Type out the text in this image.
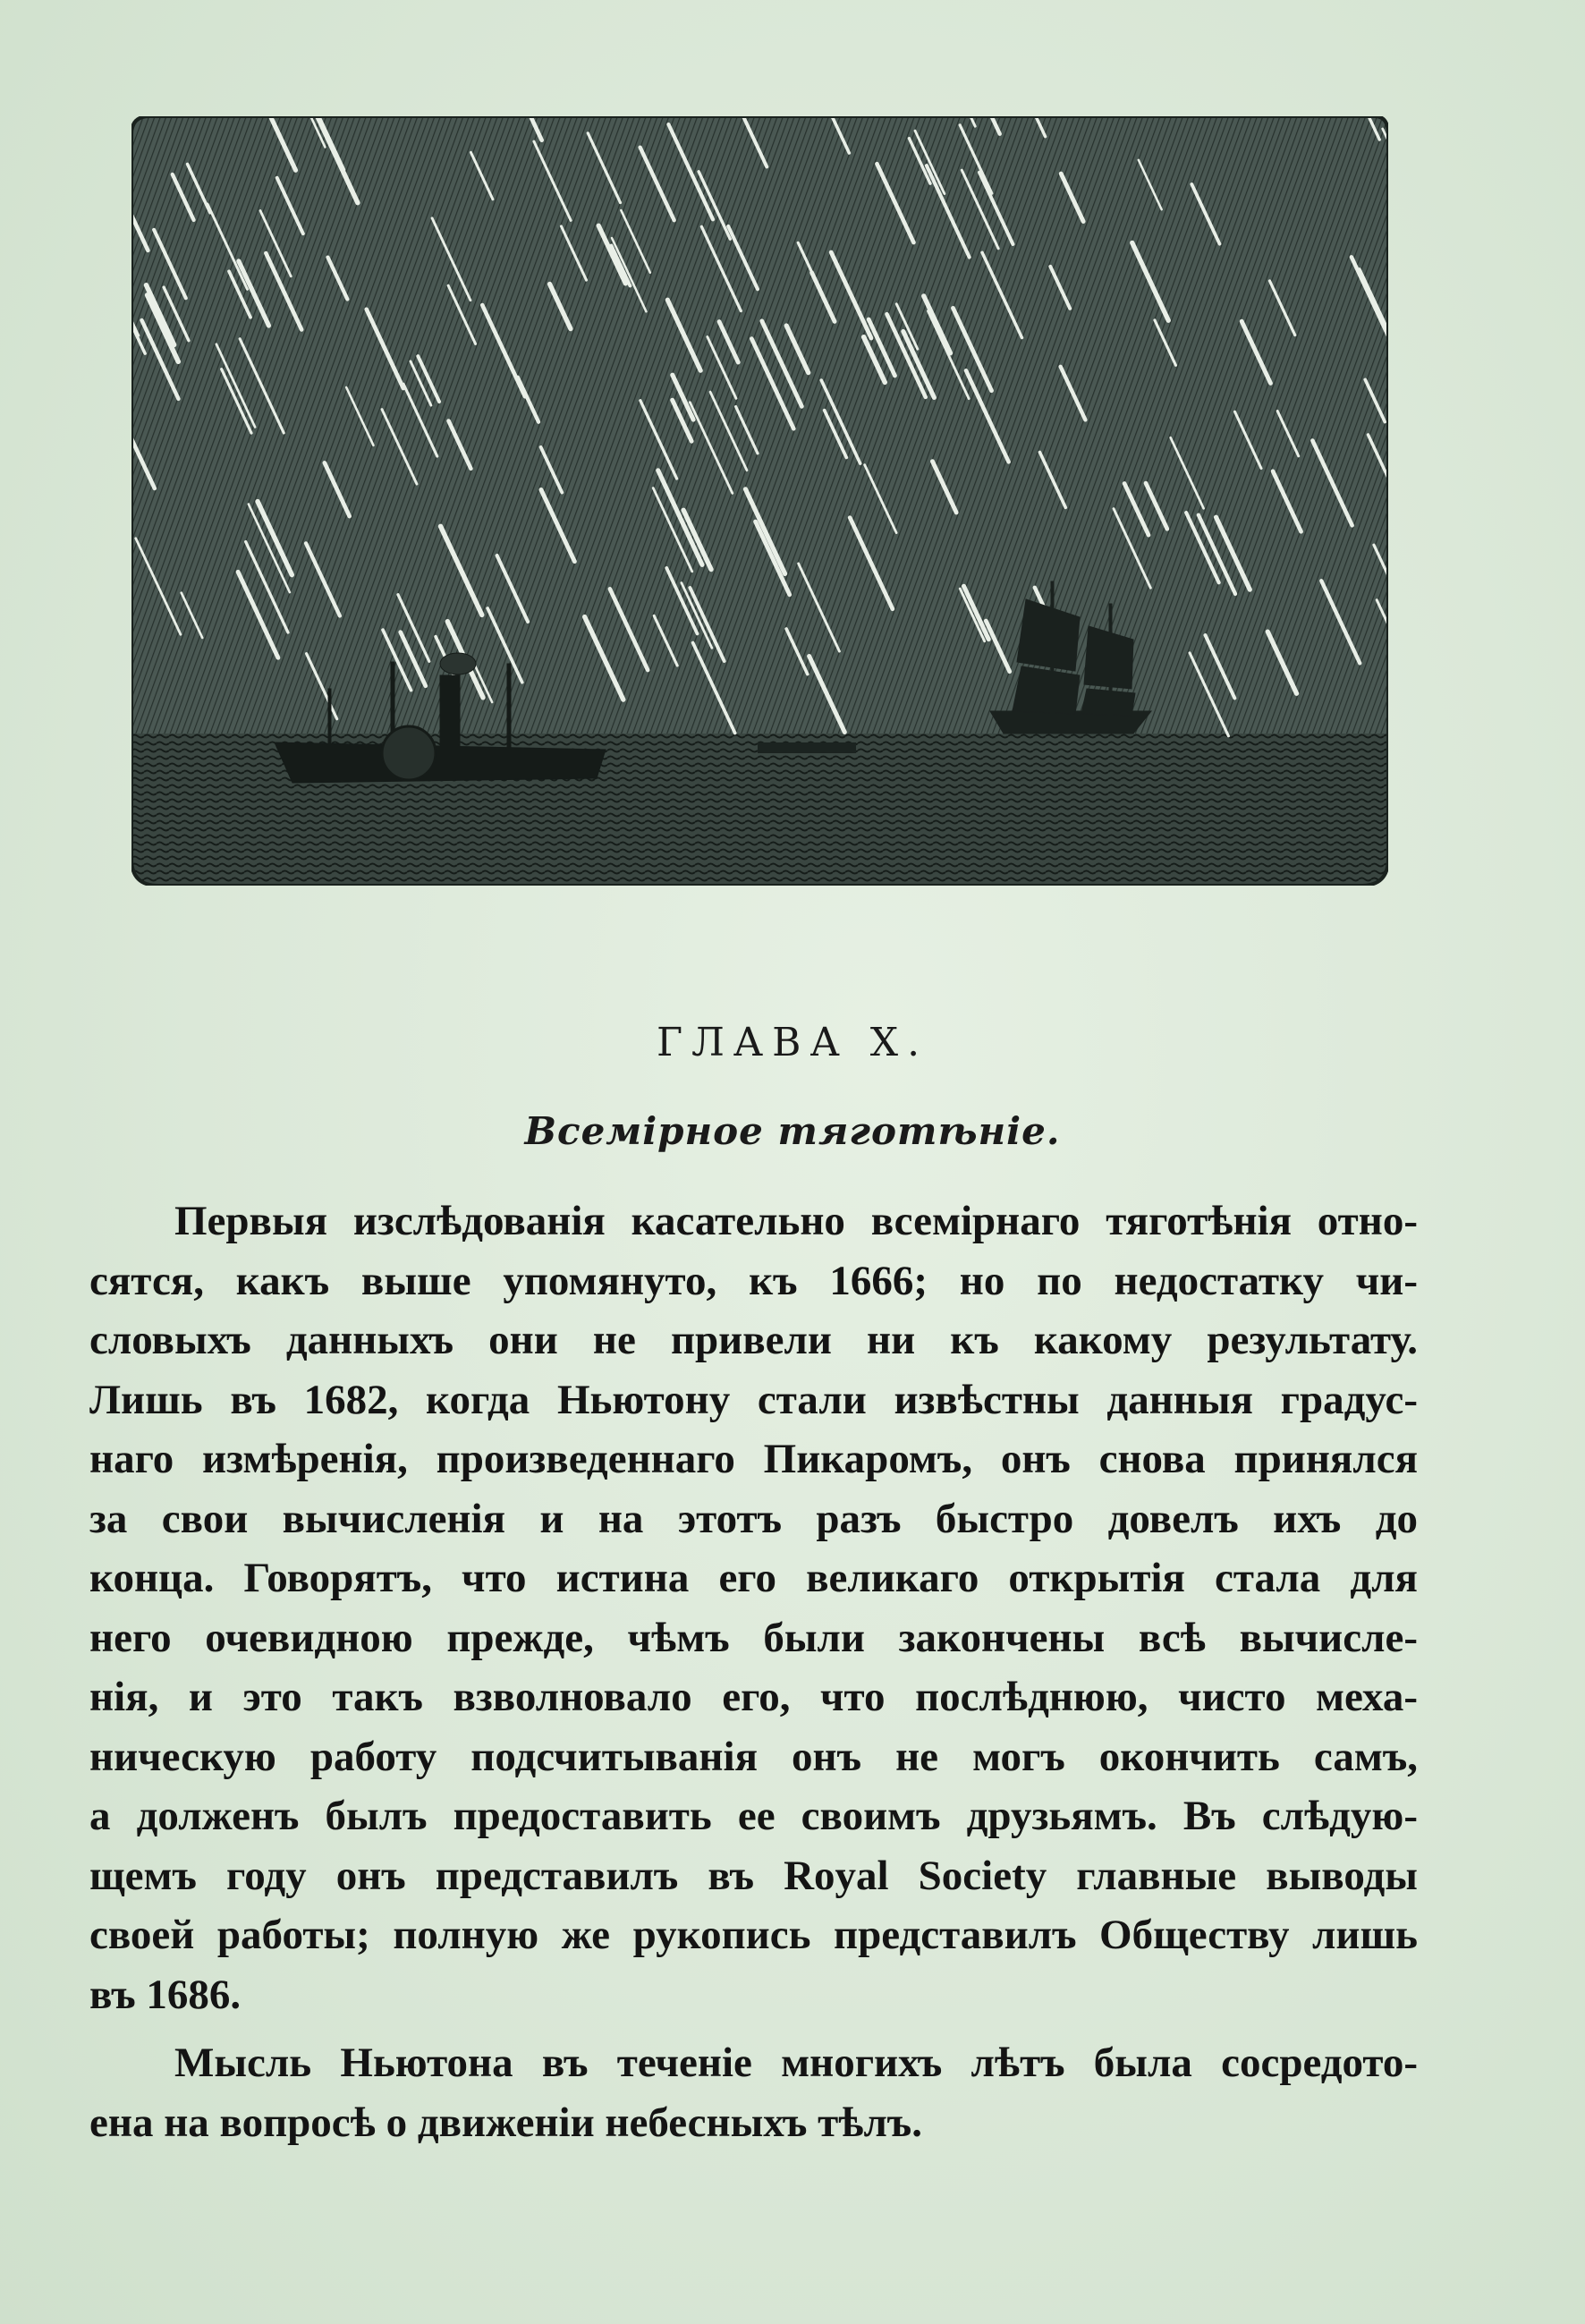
ГЛАВА X.
Всемірное тяготѣніе.
Первыя изслѣдованія касательно всемірнаго тяготѣнія отно-
сятся, какъ выше упомянуто, къ 1666; но по недостатку чи-
словыхъ данныхъ они не привели ни къ какому результату.
Лишь въ 1682, когда Ньютону стали извѣстны данныя градус-
наго измѣренія, произведеннаго Пикаромъ, онъ снова принялся
за свои вычисленія и на этотъ разъ быстро довелъ ихъ до
конца. Говорятъ, что истина его великаго открытія стала для
него очевидною прежде, чѣмъ были закончены всѣ вычисле-
нія, и это такъ взволновало его, что послѣднюю, чисто меха-
ническую работу подсчитыванія онъ не могъ окончить самъ,
а долженъ былъ предоставить ее своимъ друзьямъ. Въ слѣдую-
щемъ году онъ представилъ въ Royal Society главные выводы
своей работы; полную же рукопись представилъ Обществу лишь
въ 1686.
Мысль Ньютона въ теченіе многихъ лѣтъ была сосредото-
ена на вопросѣ о движеніи небесныхъ тѣлъ.
